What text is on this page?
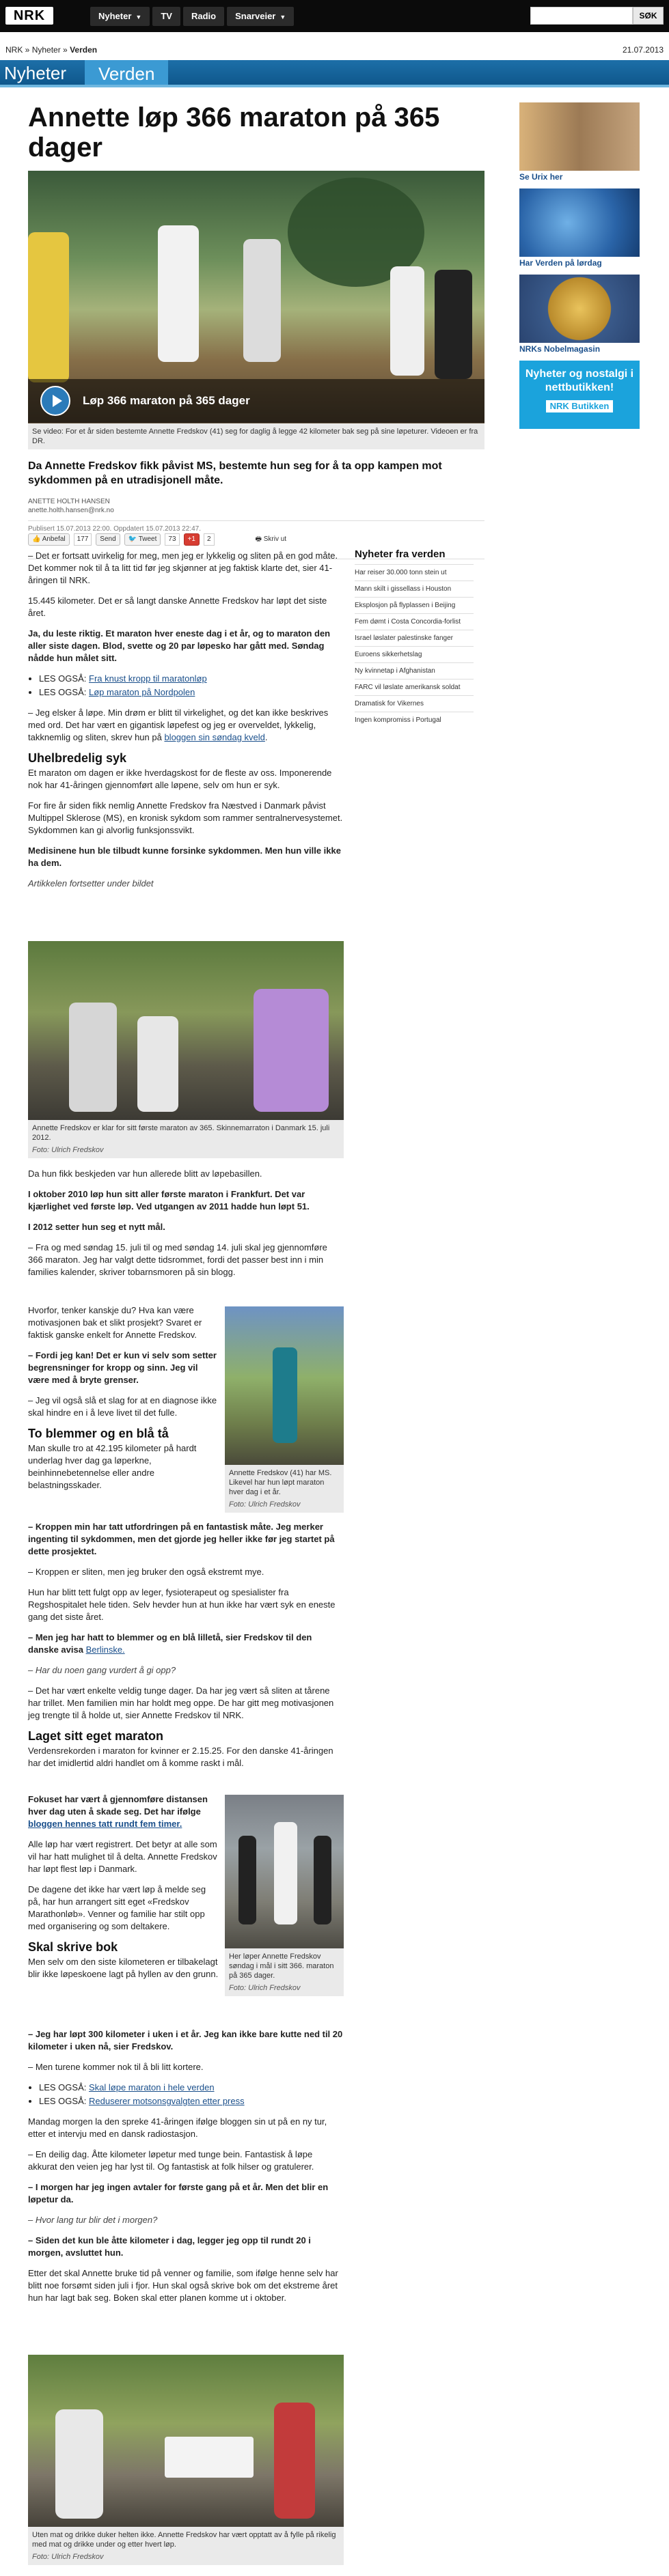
NRK	Nyheter ▼	TV	Radio	Snarveier ▼	SØK
NRK » Nyheter » Verden	21.07.2013
Nyheter	Verden
Annette løp 366 maraton på 365 dager
Løp 366 maraton på 365 dager
Se video: For et år siden bestemte Annette Fredskov (41) seg for daglig å legge 42 kilometer bak seg på sine løpeturer. Videoen er fra DR.
Da Annette Fredskov fikk påvist MS, bestemte hun seg for å ta opp kampen mot sykdommen på en utradisjonell måte.
ANETTE HOLTH HANSEN
anette.holth.hansen@nrk.no
Publisert 15.07.2013 22:00. Oppdatert 15.07.2013 22:47.
👍 Anbefal	177	Send	🐦 Tweet	73	+1	2	🖶 Skriv ut

– Det er fortsatt uvirkelig for meg, men jeg er lykkelig og sliten på en god måte. Det kommer nok til å ta litt tid før jeg skjønner at jeg faktisk klarte det, sier 41-åringen til NRK.

15.445 kilometer. Det er så langt danske Annette Fredskov har løpt det siste året.

Ja, du leste riktig. Et maraton hver eneste dag i et år, og to maraton den aller siste dagen. Blod, svette og 20 par løpesko har gått med. Søndag nådde hun målet sitt.

• LES OGSÅ: Fra knust kropp til maratonløp
• LES OGSÅ: Løp maraton på Nordpolen

– Jeg elsker å løpe. Min drøm er blitt til virkelighet, og det kan ikke beskrives med ord. Det har vært en gigantisk løpefest og jeg er overveldet, lykkelig, takknemlig og sliten, skrev hun på bloggen sin søndag kveld.

Uhelbredelig syk

Et maraton om dagen er ikke hverdagskost for de fleste av oss. Imponerende nok har 41-åringen gjennomført alle løpene, selv om hun er syk.

For fire år siden fikk nemlig Annette Fredskov fra Næstved i Danmark påvist Multippel Sklerose (MS), en kronisk sykdom som rammer sentralnervesystemet. Sykdommen kan gi alvorlig funksjonssvikt.

Medisinene hun ble tilbudt kunne forsinke sykdommen. Men hun ville ikke ha dem.

Artikkelen fortsetter under bildet

Annette Fredskov er klar for sitt første maraton av 365. Skinnemarraton i Danmark 15. juli 2012.
Foto: Ulrich Fredskov

Da hun fikk beskjeden var hun allerede blitt av løpebasillen.

I oktober 2010 løp hun sitt aller første maraton i Frankfurt. Det var kjærlighet ved første løp. Ved utgangen av 2011 hadde hun løpt 51.

I 2012 setter hun seg et nytt mål.

– Fra og med søndag 15. juli til og med søndag 14. juli skal jeg gjennomføre 366 maraton. Jeg har valgt dette tidsrommet, fordi det passer best inn i min families kalender, skriver tobarnsmoren på sin blogg.

Hvorfor, tenker kanskje du? Hva kan være motivasjonen bak et slikt prosjekt? Svaret er faktisk ganske enkelt for Annette Fredskov.

– Fordi jeg kan! Det er kun vi selv som setter begrensninger for kropp og sinn. Jeg vil være med å bryte grenser.

– Jeg vil også slå et slag for at en diagnose ikke skal hindre en i å leve livet til det fulle.

To blemmer og en blå tå

Man skulle tro at 42.195 kilometer på hardt underlag hver dag ga løperkne, beinhinnebetennelse eller andre belastningsskader.

Annette Fredskov (41) har MS. Likevel har hun løpt maraton hver dag i et år.
Foto: Ulrich Fredskov

– Kroppen min har tatt utfordringen på en fantastisk måte. Jeg merker ingenting til sykdommen, men det gjorde jeg heller ikke før jeg startet på dette prosjektet.

– Kroppen er sliten, men jeg bruker den også ekstremt mye.

Hun har blitt tett fulgt opp av leger, fysioterapeut og spesialister fra Regshospitalet hele tiden. Selv hevder hun at hun ikke har vært syk en eneste gang det siste året.

– Men jeg har hatt to blemmer og en blå lilletå, sier Fredskov til den danske avisa Berlinske.

– Har du noen gang vurdert å gi opp?

– Det har vært enkelte veldig tunge dager. Da har jeg vært så sliten at tårene har trillet. Men familien min har holdt meg oppe. De har gitt meg motivasjonen jeg trengte til å holde ut, sier Annette Fredskov til NRK.

Laget sitt eget maraton

Verdensrekorden i maraton for kvinner er 2.15.25. For den danske 41-åringen har det imidlertid aldri handlet om å komme raskt i mål.

Fokuset har vært å gjennomføre distansen hver dag uten å skade seg. Det har ifølge bloggen hennes tatt rundt fem timer.

Alle løp har vært registrert. Det betyr at alle som vil har hatt mulighet til å delta. Annette Fredskov har løpt flest løp i Danmark.

De dagene det ikke har vært løp å melde seg på, har hun arrangert sitt eget «Fredskov Marathonløb». Venner og familie har stilt opp med organisering og som deltakere.

Skal skrive bok

Men selv om den siste kilometeren er tilbakelagt blir ikke løpeskoene lagt på hyllen av den grunn.

Her løper Annette Fredskov søndag i mål i sitt 366. maraton på 365 dager.
Foto: Ulrich Fredskov

– Jeg har løpt 300 kilometer i uken i et år. Jeg kan ikke bare kutte ned til 20 kilometer i uken nå, sier Fredskov.

– Men turene kommer nok til å bli litt kortere.

• LES OGSÅ: Skal løpe maraton i hele verden
• LES OGSÅ: Reduserer motsonsgvalgten etter press

Mandag morgen la den spreke 41-åringen ifølge bloggen sin ut på en ny tur, etter et intervju med en dansk radiostasjon.

– En deilig dag. Åtte kilometer løpetur med tunge bein. Fantastisk å løpe akkurat den veien jeg har lyst til. Og fantastisk at folk hilser og gratulerer.

– I morgen har jeg ingen avtaler for første gang på et år. Men det blir en løpetur da.

– Hvor lang tur blir det i morgen?

– Siden det kun ble åtte kilometer i dag, legger jeg opp til rundt 20 i morgen, avsluttet hun.

Etter det skal Annette bruke tid på venner og familie, som ifølge henne selv har blitt noe forsømt siden juli i fjor. Hun skal også skrive bok om det ekstreme året hun har lagt bak seg. Boken skal etter planen komme ut i oktober.

Uten mat og drikke duker helten ikke. Annette Fredskov har vært opptatt av å fylle på rikelig med mat og drikke under og etter hvert løp.
Foto: Ulrich Fredskov
Nyheter fra verden
Har reiser 30.000 tonn stein ut
Mann skilt i gissellass i Houston
Eksplosjon på flyplassen i Beijing
Fem dømt i Costa Concordia-forlist
Israel løslater palestinske fanger
Euroens sikkerhetslag
Ny kvinnetap i Afghanistan
FARC vil løslate amerikansk soldat
Dramatisk for Vikernes
Ingen kompromiss i Portugal
Se Urix her
Har Verden på lørdag
NRKs Nobelmagasin
Nyheter og nostalgi i nettbutikken!
NRK Butikken
